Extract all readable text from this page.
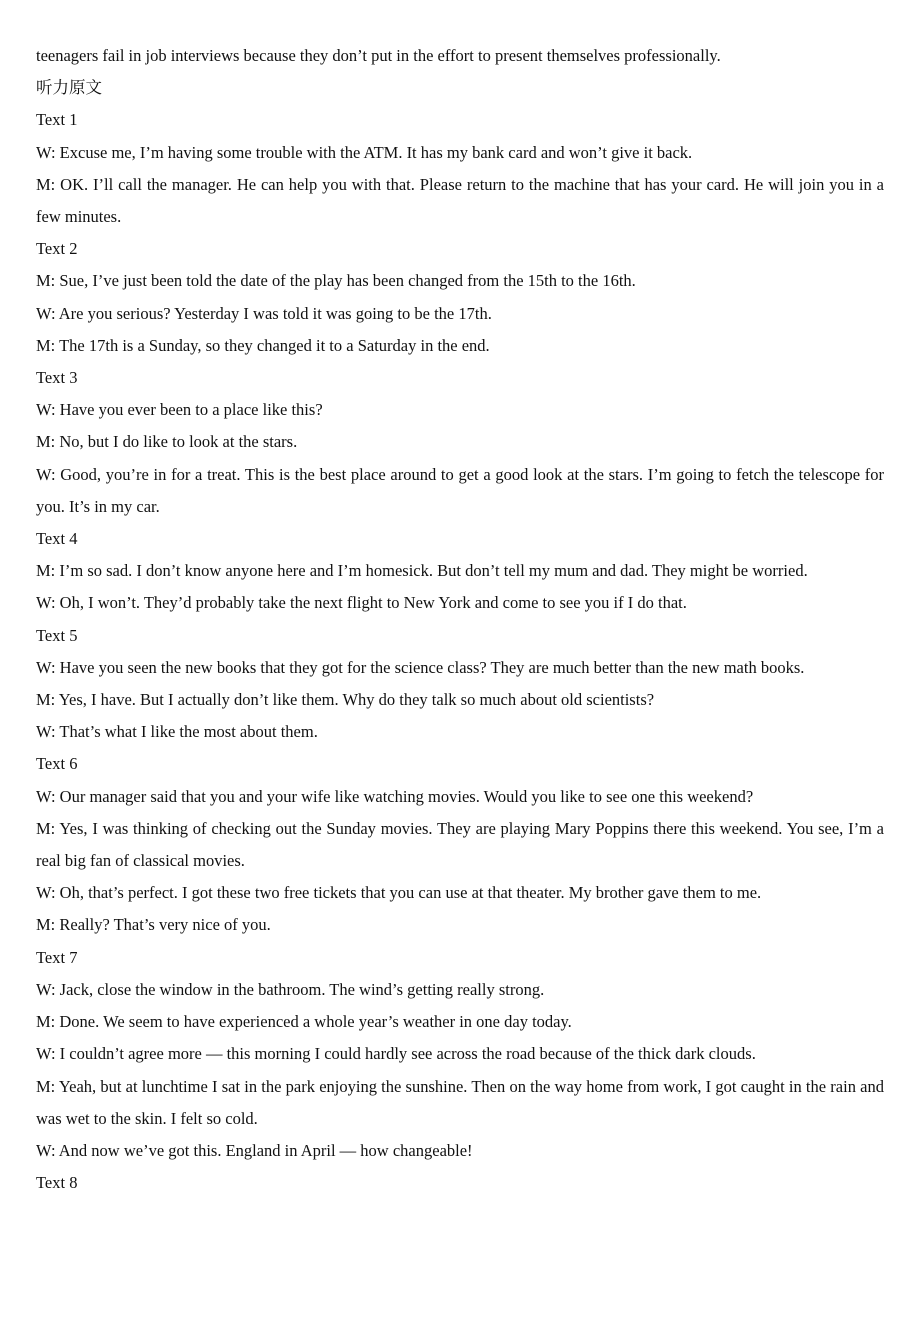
teenagers fail in job interviews because they don’t put in the effort to present themselves professionally.
听力原文
Text 1
W: Excuse me, I’m having some trouble with the ATM. It has my bank card and won’t give it back.
M: OK. I’ll call the manager. He can help you with that. Please return to the machine that has your card. He will join you in a few minutes.
Text 2
M: Sue, I’ve just been told the date of the play has been changed from the 15th to the 16th.
W: Are you serious? Yesterday I was told it was going to be the 17th.
M: The 17th is a Sunday, so they changed it to a Saturday in the end.
Text 3
W: Have you ever been to a place like this?
M: No, but I do like to look at the stars.
W: Good, you’re in for a treat. This is the best place around to get a good look at the stars. I’m going to fetch the telescope for you. It’s in my car.
Text 4
M: I’m so sad. I don’t know anyone here and I’m homesick. But don’t tell my mum and dad. They might be worried.
W: Oh, I won’t. They’d probably take the next flight to New York and come to see you if I do that.
Text 5
W: Have you seen the new books that they got for the science class? They are much better than the new math books.
M: Yes, I have. But I actually don’t like them. Why do they talk so much about old scientists?
W: That’s what I like the most about them.
Text 6
W: Our manager said that you and your wife like watching movies. Would you like to see one this weekend?
M: Yes, I was thinking of checking out the Sunday movies. They are playing Mary Poppins there this weekend. You see, I’m a real big fan of classical movies.
W: Oh, that’s perfect. I got these two free tickets that you can use at that theater. My brother gave them to me.
M: Really? That’s very nice of you.
Text 7
W: Jack, close the window in the bathroom. The wind’s getting really strong.
M: Done. We seem to have experienced a whole year’s weather in one day today.
W: I couldn’t agree more — this morning I could hardly see across the road because of the thick dark clouds.
M: Yeah, but at lunchtime I sat in the park enjoying the sunshine. Then on the way home from work, I got caught in the rain and was wet to the skin. I felt so cold.
W: And now we’ve got this. England in April — how changeable!
Text 8
